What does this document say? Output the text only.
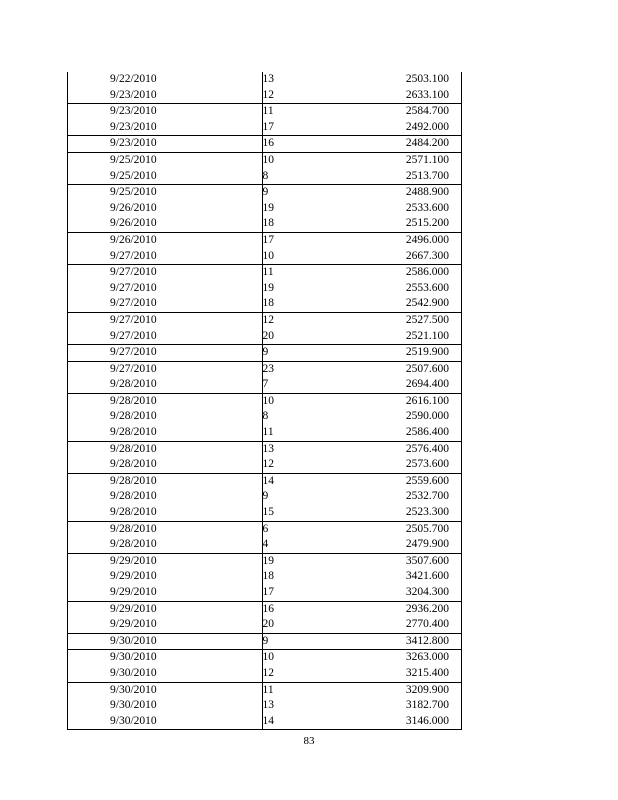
9/22/2010	13	2503.100
9/23/2010	12	2633.100
9/23/2010	11	2584.700
9/23/2010	17	2492.000
9/23/2010	16	2484.200
9/25/2010	10	2571.100
9/25/2010	8	2513.700
9/25/2010	9	2488.900
9/26/2010	19	2533.600
9/26/2010	18	2515.200
9/26/2010	17	2496.000
9/27/2010	10	2667.300
9/27/2010	11	2586.000
9/27/2010	19	2553.600
9/27/2010	18	2542.900
9/27/2010	12	2527.500
9/27/2010	20	2521.100
9/27/2010	9	2519.900
9/27/2010	23	2507.600
9/28/2010	7	2694.400
9/28/2010	10	2616.100
9/28/2010	8	2590.000
9/28/2010	11	2586.400
9/28/2010	13	2576.400
9/28/2010	12	2573.600
9/28/2010	14	2559.600
9/28/2010	9	2532.700
9/28/2010	15	2523.300
9/28/2010	6	2505.700
9/28/2010	4	2479.900
9/29/2010	19	3507.600
9/29/2010	18	3421.600
9/29/2010	17	3204.300
9/29/2010	16	2936.200
9/29/2010	20	2770.400
9/30/2010	9	3412.800
9/30/2010	10	3263.000
9/30/2010	12	3215.400
9/30/2010	11	3209.900
9/30/2010	13	3182.700
9/30/2010	14	3146.000
83
